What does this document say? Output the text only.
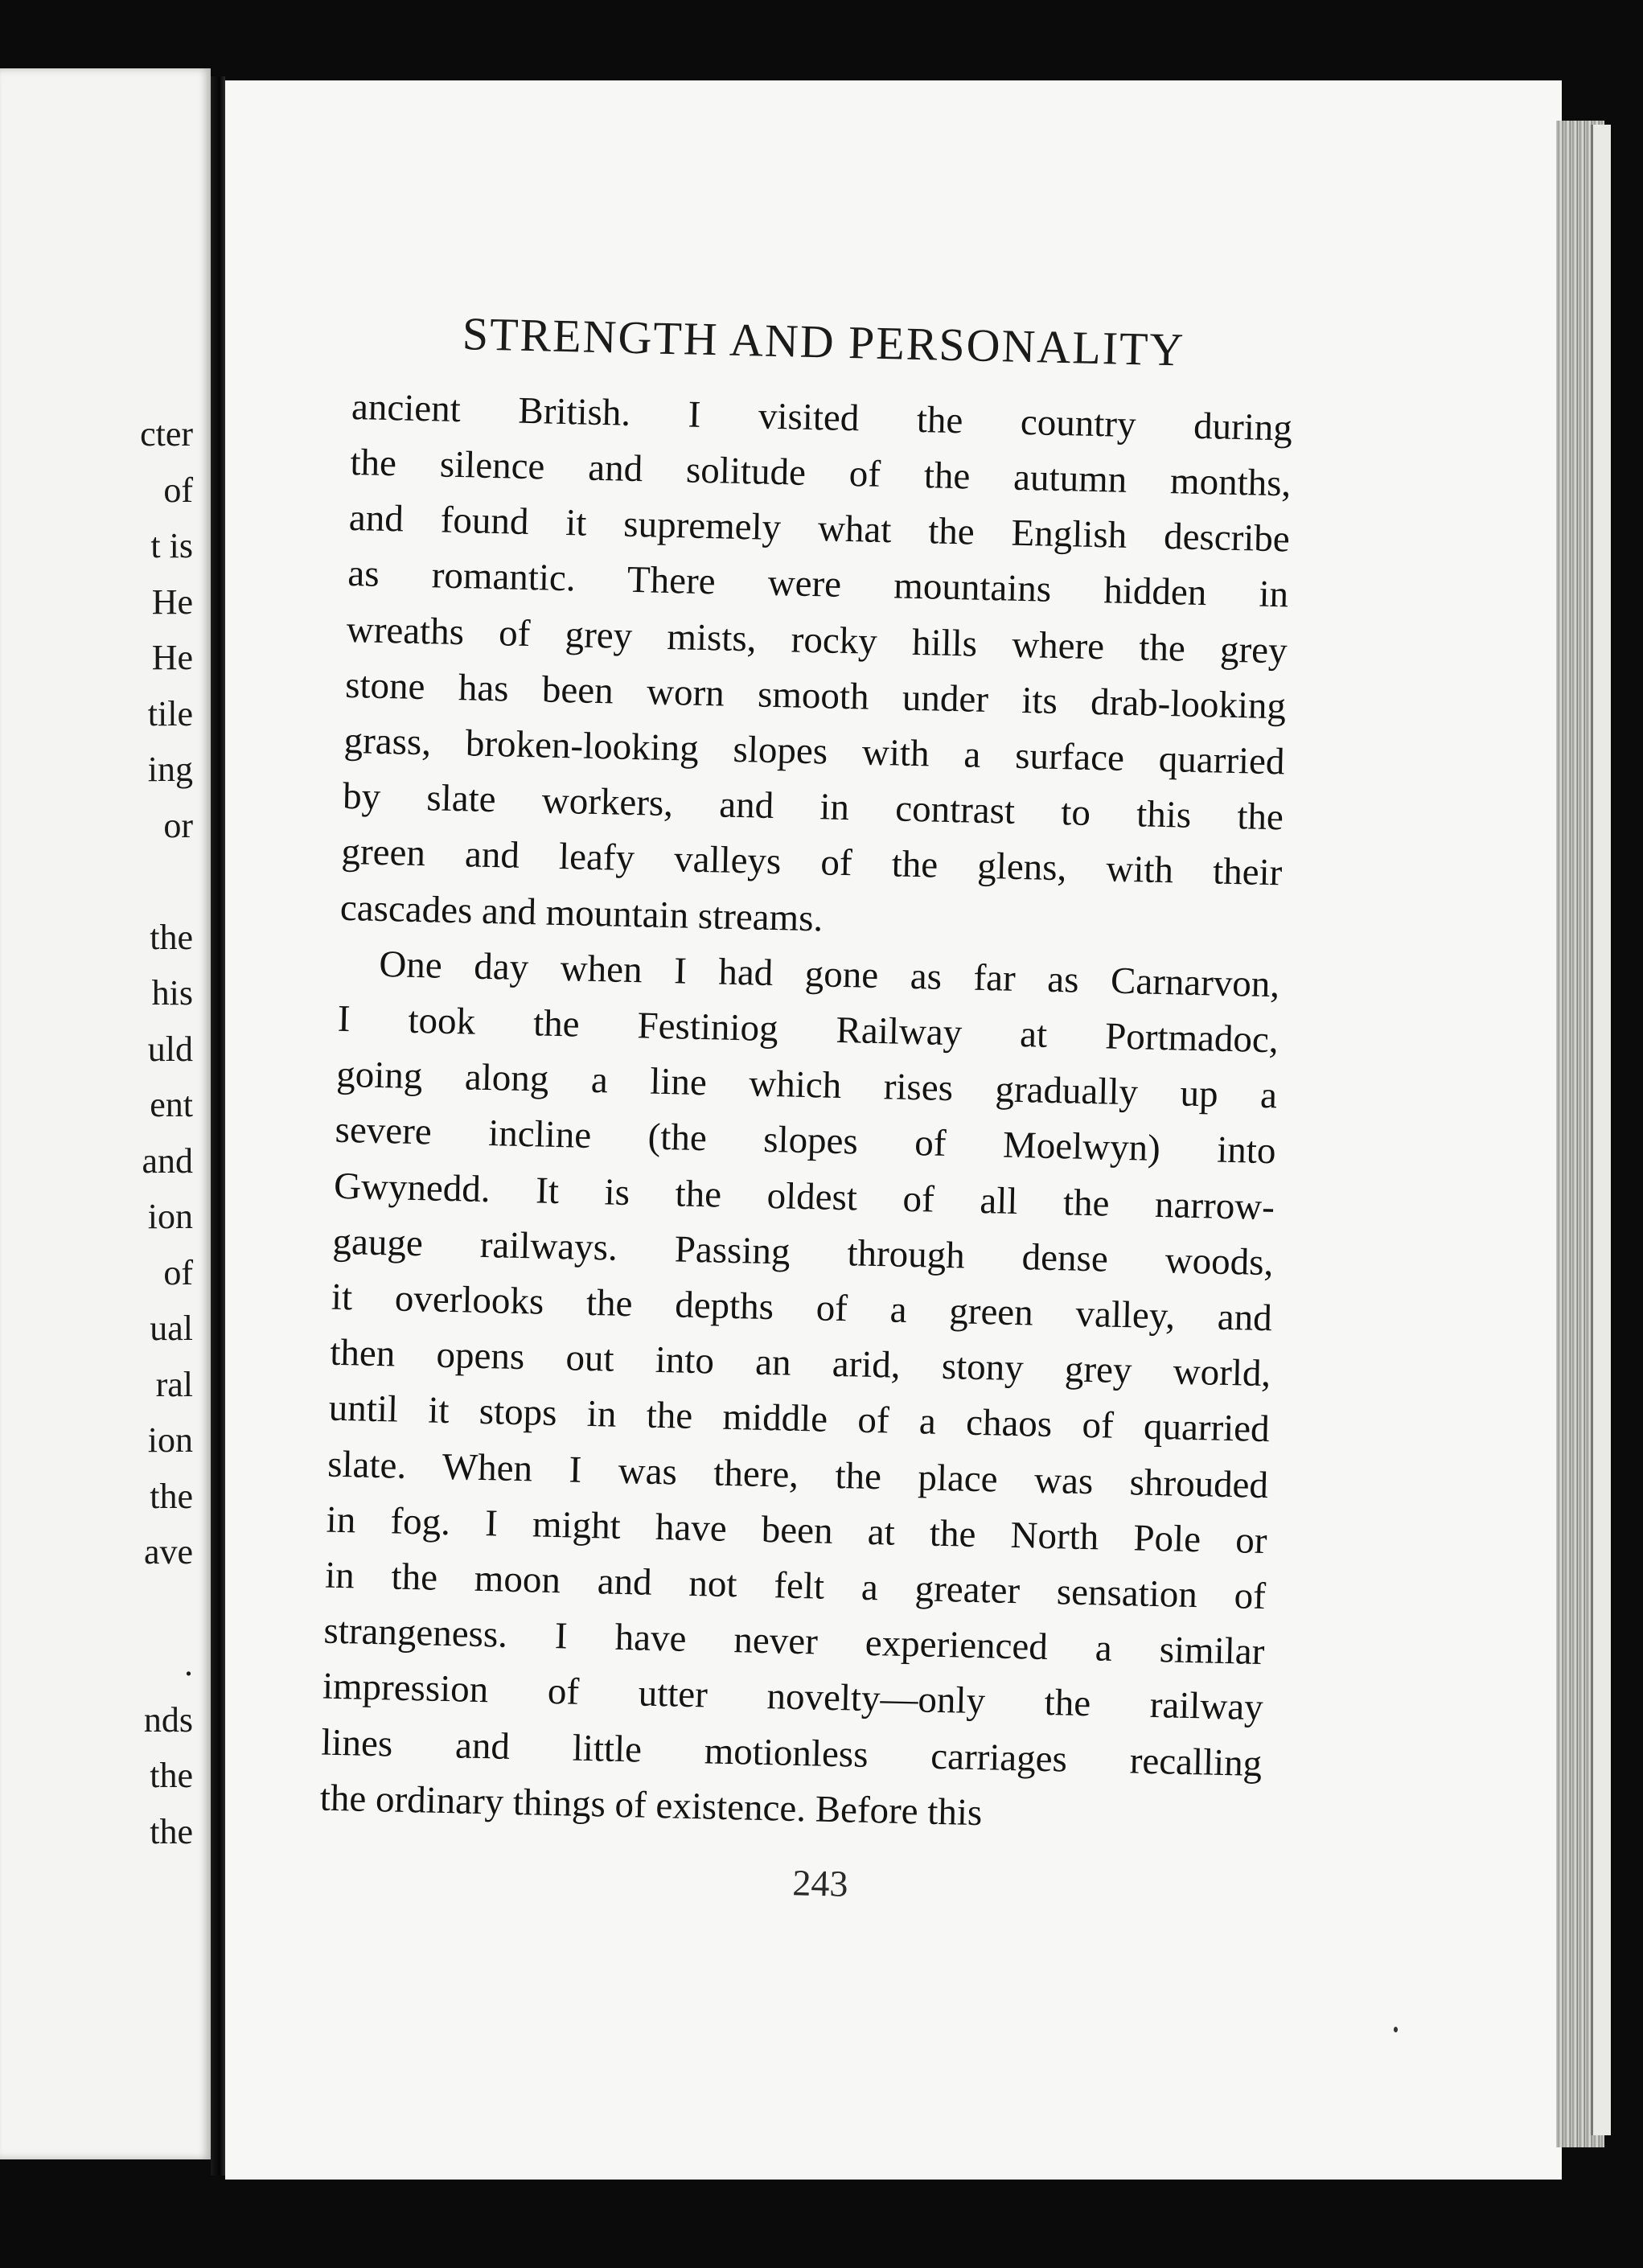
cter
of
t is
He
He
tile
ing
or
the
his
uld
ent
and
ion
of
ual
ral
ion
the
ave
.
nds
the
the
STRENGTH AND PERSONALITY

ancient British. I visited the country during
the silence and solitude of the autumn months,
and found it supremely what the English describe
as romantic. There were mountains hidden in
wreaths of grey mists, rocky hills where the grey
stone has been worn smooth under its drab-looking
grass, broken-looking slopes with a surface quarried
by slate workers, and in contrast to this the
green and leafy valleys of the glens, with their
cascades and mountain streams.

One day when I had gone as far as Carnarvon,
I took the Festiniog Railway at Portmadoc,
going along a line which rises gradually up a
severe incline (the slopes of Moelwyn) into
Gwynedd. It is the oldest of all the narrow-
gauge railways. Passing through dense woods,
it overlooks the depths of a green valley, and
then opens out into an arid, stony grey world,
until it stops in the middle of a chaos of quarried
slate. When I was there, the place was shrouded
in fog. I might have been at the North Pole or
in the moon and not felt a greater sensation of
strangeness. I have never experienced a similar
impression of utter novelty—only the railway
lines and little motionless carriages recalling
the ordinary things of existence. Before this

243
